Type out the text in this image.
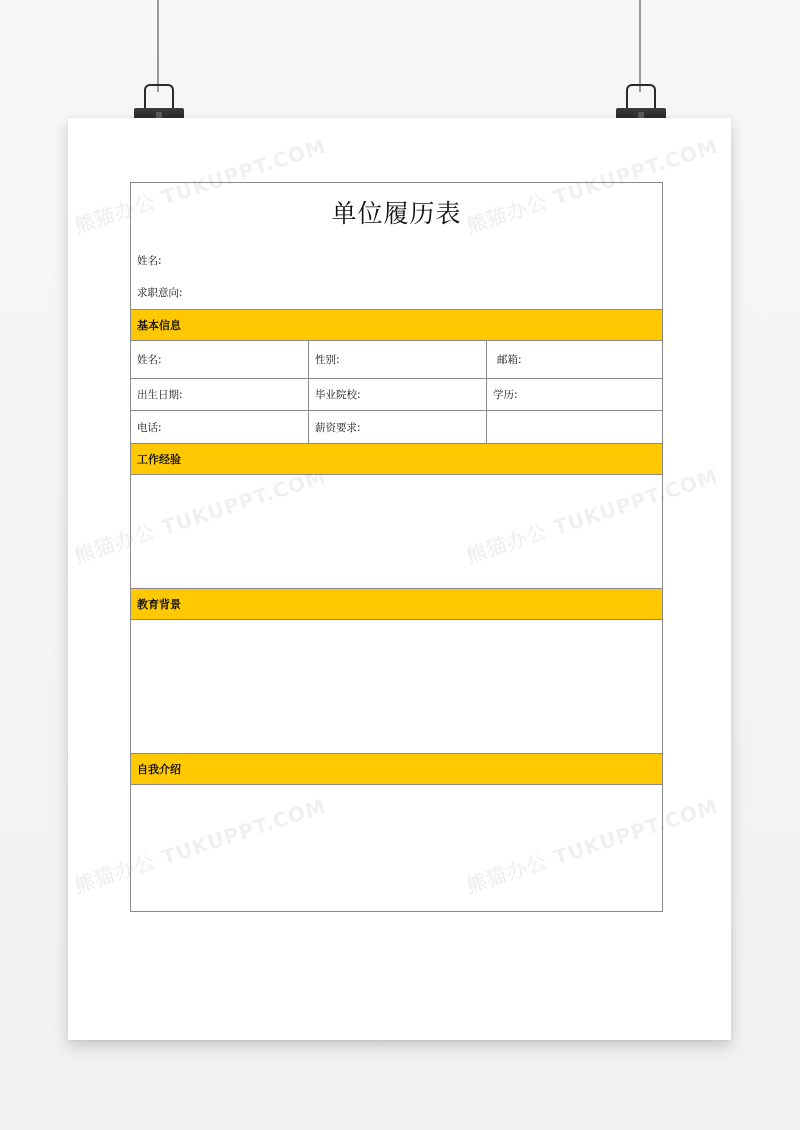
熊猫办公 TUKUPPT.COM	熊猫办公 TUKUPPT.COM
熊猫办公 TUKUPPT.COM	熊猫办公 TUKUPPT.COM
熊猫办公 TUKUPPT.COM	熊猫办公 TUKUPPT.COM
单位履历表
姓名:
求职意向:
基本信息
姓名:	性别:	邮箱:
出生日期:	毕业院校:	学历:
电话:	薪资要求:
工作经验
教育背景
自我介绍
